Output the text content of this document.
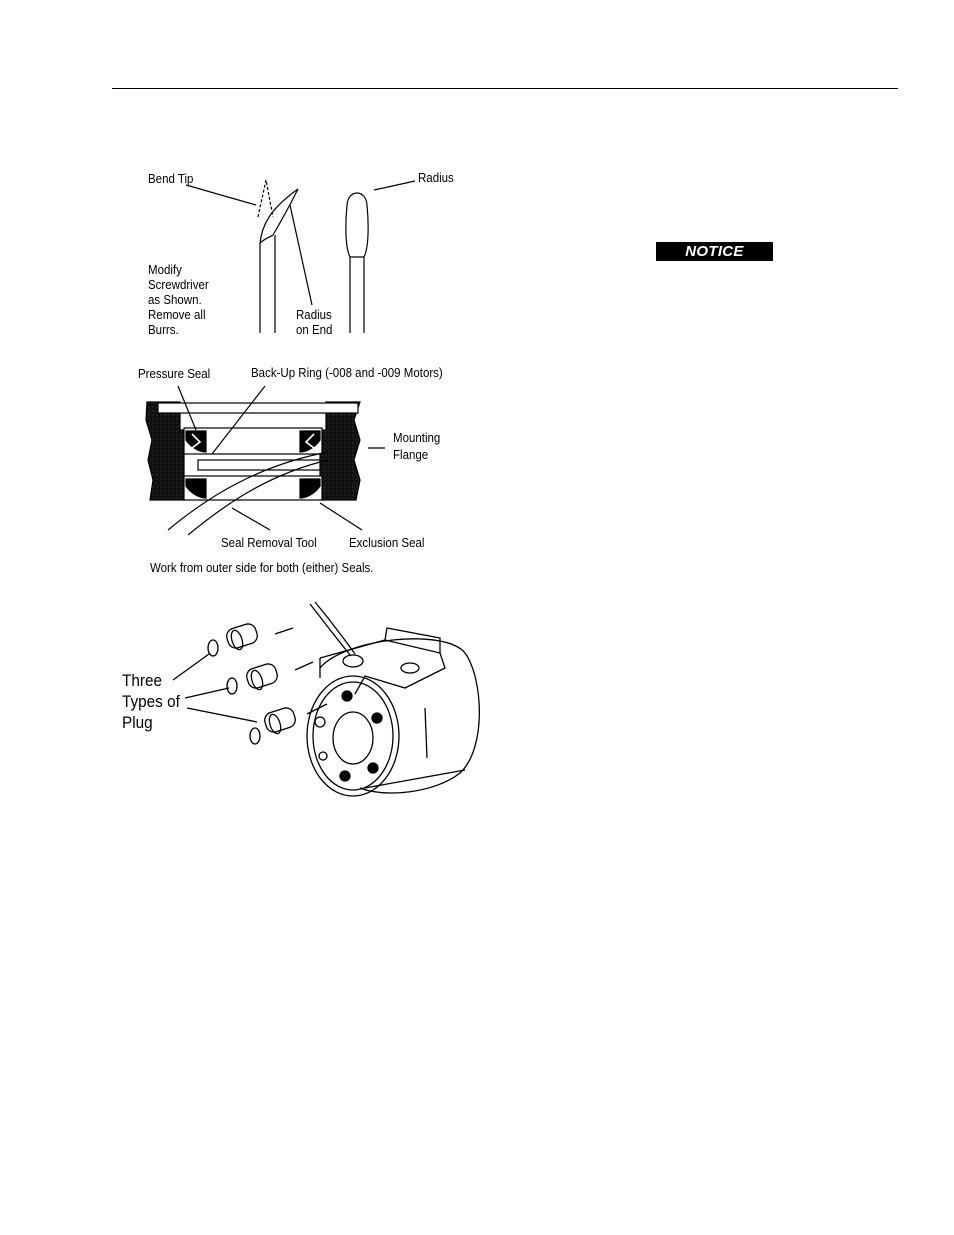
Bend Tip	Radius
Modify
Screwdriver
as Shown.
Remove all
Burrs.
Radius
on End
Pressure Seal	Back-Up Ring (-008 and -009 Motors)
Mounting
Flange
Seal Removal Tool	Exclusion Seal
Work from outer side for both (either) Seals.
Three
Types of
Plug
NOTICE
